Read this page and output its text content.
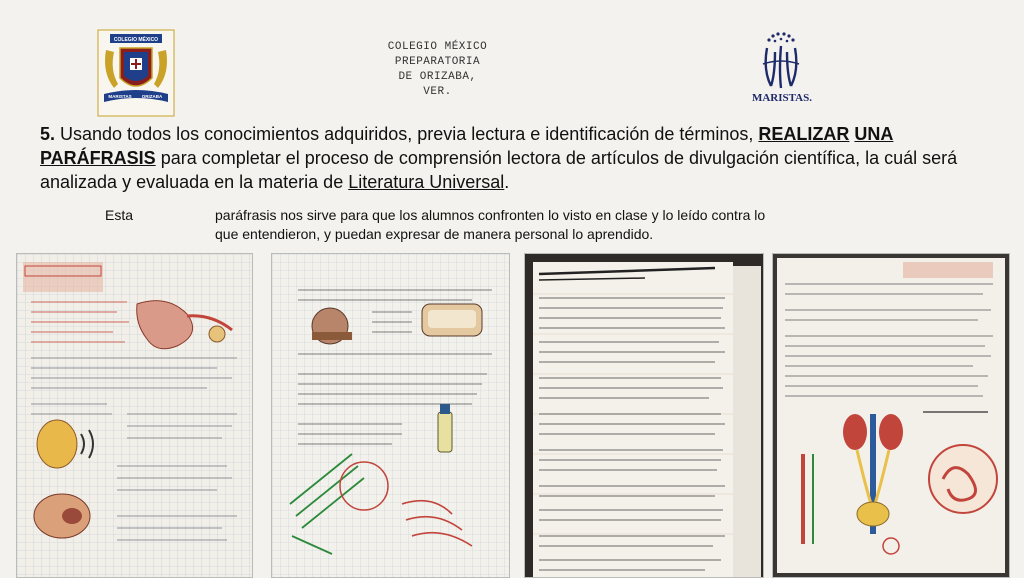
COLEGIO MÉXICO
MARISTAS ORIZABA
COLEGIO MÉXICO
PREPARATORIA
DE ORIZABA,
VER.	MARISTAS.
5. Usando todos los conocimientos adquiridos, previa lectura e identificación de términos, REALIZAR UNA PARÁFRASIS para completar el proceso de comprensión lectora de artículos de divulgación científica, la cuál será analizada y evaluada en la materia de Literatura Universal.
Esta	paráfrasis nos sirve para que los alumnos confronten lo visto en clase y lo leído contra lo que entendieron, y puedan expresar de manera personal lo aprendido.
